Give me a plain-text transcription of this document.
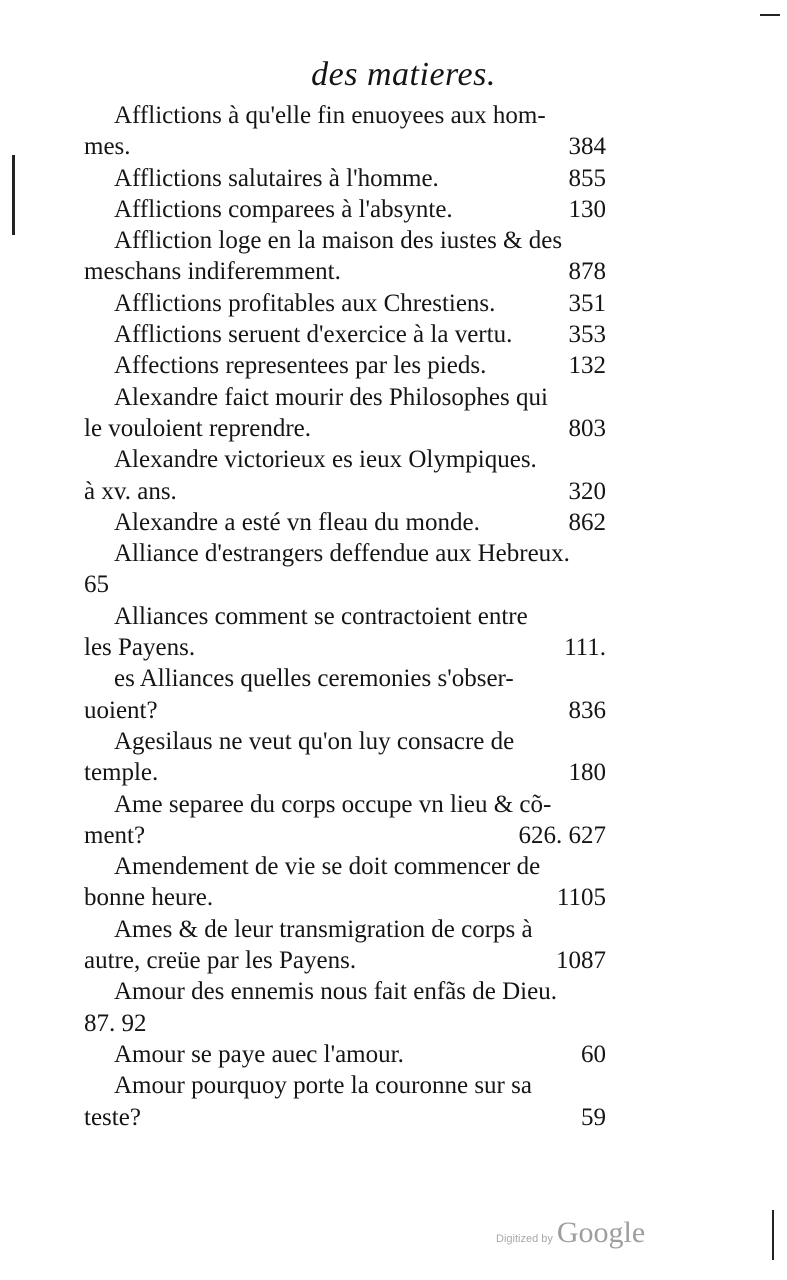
des matieres.
Afflictions à qu'elle fin enuoyees aux hom-
mes.	384
Afflictions salutaires à l'homme.	855
Afflictions comparees à l'absynte.	130
Affliction loge en la maison des iustes & des
meschans indiferemment.	878
Afflictions profitables aux Chrestiens.	351
Afflictions seruent d'exercice à la vertu. 353
Affections representees par les pieds.	132
Alexandre faict mourir des Philosophes qui
le vouloient reprendre.	803
Alexandre victorieux es ieux Olympiques.
à xv. ans.	320
Alexandre a esté vn fleau du monde.	862
Alliance d'estrangers deffendue aux Hebreux.
65
Alliances comment se contractoient entre
les Payens.	111.
es Alliances quelles ceremonies s'obser-
uoient?	836
Agesilaus ne veut qu'on luy consacre de
temple.	180
Ame separee du corps occupe vn lieu & cõ-
ment?	626. 627
Amendement de vie se doit commencer de
bonne heure.	1105
Ames & de leur transmigration de corps à
autre, creüe par les Payens.	1087
Amour des ennemis nous fait enfãs de Dieu.
87. 92
Amour se paye auec l'amour.	60
Amour pourquoy porte la couronne sur sa
teste?	59
Digitized by Google
